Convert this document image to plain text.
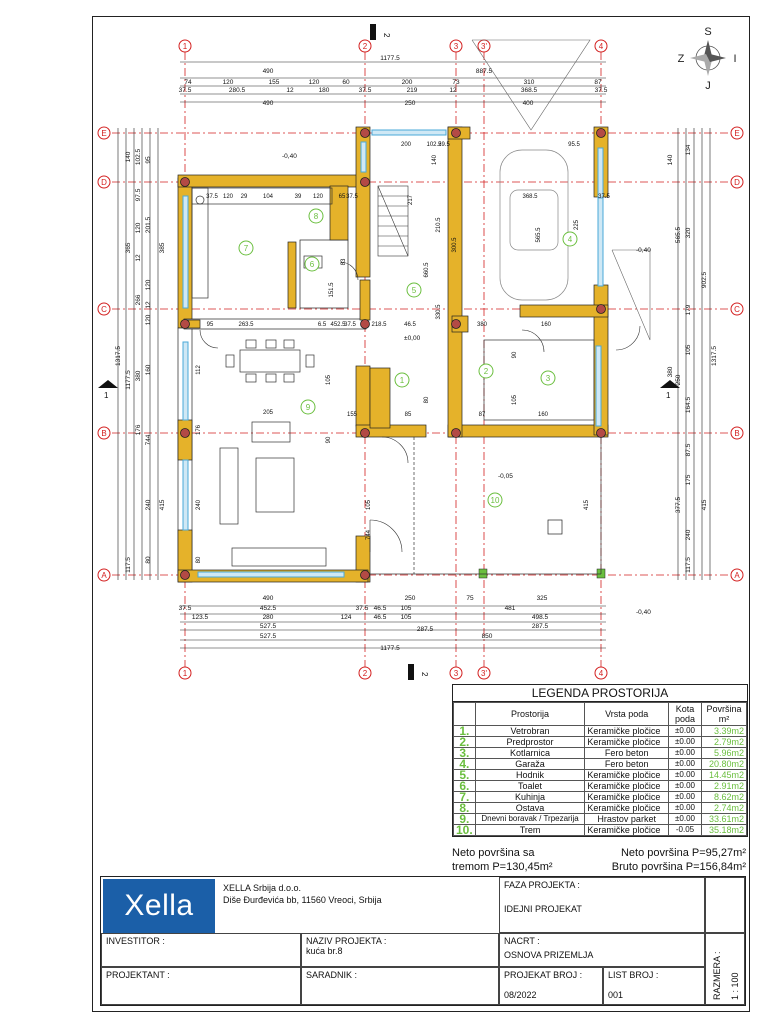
1	2	3	3'	4
1	2	3	3'	4
E
D
C
B
A
E
D
C
B
A
1177.5
490	887.5
74	120	155	120	60	200	73	310	87
37.5	280.5	12	180	37.5	219	12	368.5	37.5
490	250	400
490	250	75	325
37.5	452.5	37.5 46.5 105	481
123.5	280	124	46.5 105	498.5
527.5	287.5	287.5
850
527.5
1177.5
140 102.5 95
97.5
120 201.5
385
12
120
365
12
266
120
380
1317.5
1177.5
160
176
744
240 415
117.5 80
140
134
565.5 320
902.5
179
105
380
250
1317.5
164.5
87.5
175
377.5	415
240
117.5
1
2
3
4
5
6
7
8
9
10
200	102.5
29.5	95.5
37.5	37.5
120 29	104	39 120	65 37.5	368.5
95	263.5	6.5	46.5	380	160
452.5
37.5
205	155	85	87	160
218.5
140
151.5
217
225
83
660.5
210.5
330.5
565.5
300.5
105
112
90
176
240
80
105
744
415
80	105
90
-0,40
±0,00
-0,40
-0,05
-0,40
2
2
1	1
S
J
Z	I
LEGENDA PROSTORIJA
	Prostorija	Vrsta poda	Kota poda	Površina m²
1.	Vetrobran	Keramičke pločice	±0.00	3.39m2
2.	Predprostor	Keramičke pločice	±0.00	2.79m2
3.	Kotlarnica	Fero beton	±0.00	5.96m2
4.	Garaža	Fero beton	±0.00	20.80m2
5.	Hodnik	Keramičke pločice	±0.00	14.45m2
6.	Toalet	Keramičke pločice	±0.00	2.91m2
7.	Kuhinja	Keramičke pločice	±0.00	8.62m2
8.	Ostava	Keramičke pločice	±0.00	2.74m2
9.	Dnevni boravak / Trpezarija	Hrastov parket	±0.00	33.61m2
10.	Trem	Keramičke pločice	-0.05	35.18m2
Neto površina sa
tremom P=130,45m²
Neto površina P=95,27m²
Bruto površina P=156,84m²
Xella
XELLA Srbija d.o.o.
Diše Đurđevića bb, 11560 Vreoci, Srbija
FAZA PROJEKTA :
IDEJNI PROJEKAT
INVESTITOR :	NAZIV PROJEKTA :
kuća br.8
NACRT :
OSNOVA PRIZEMLJA
PROJEKTANT :	SARADNIK :	PROJEKAT BROJ :
08/2022
LIST BROJ :
001	RAZMERA : 1 : 100
